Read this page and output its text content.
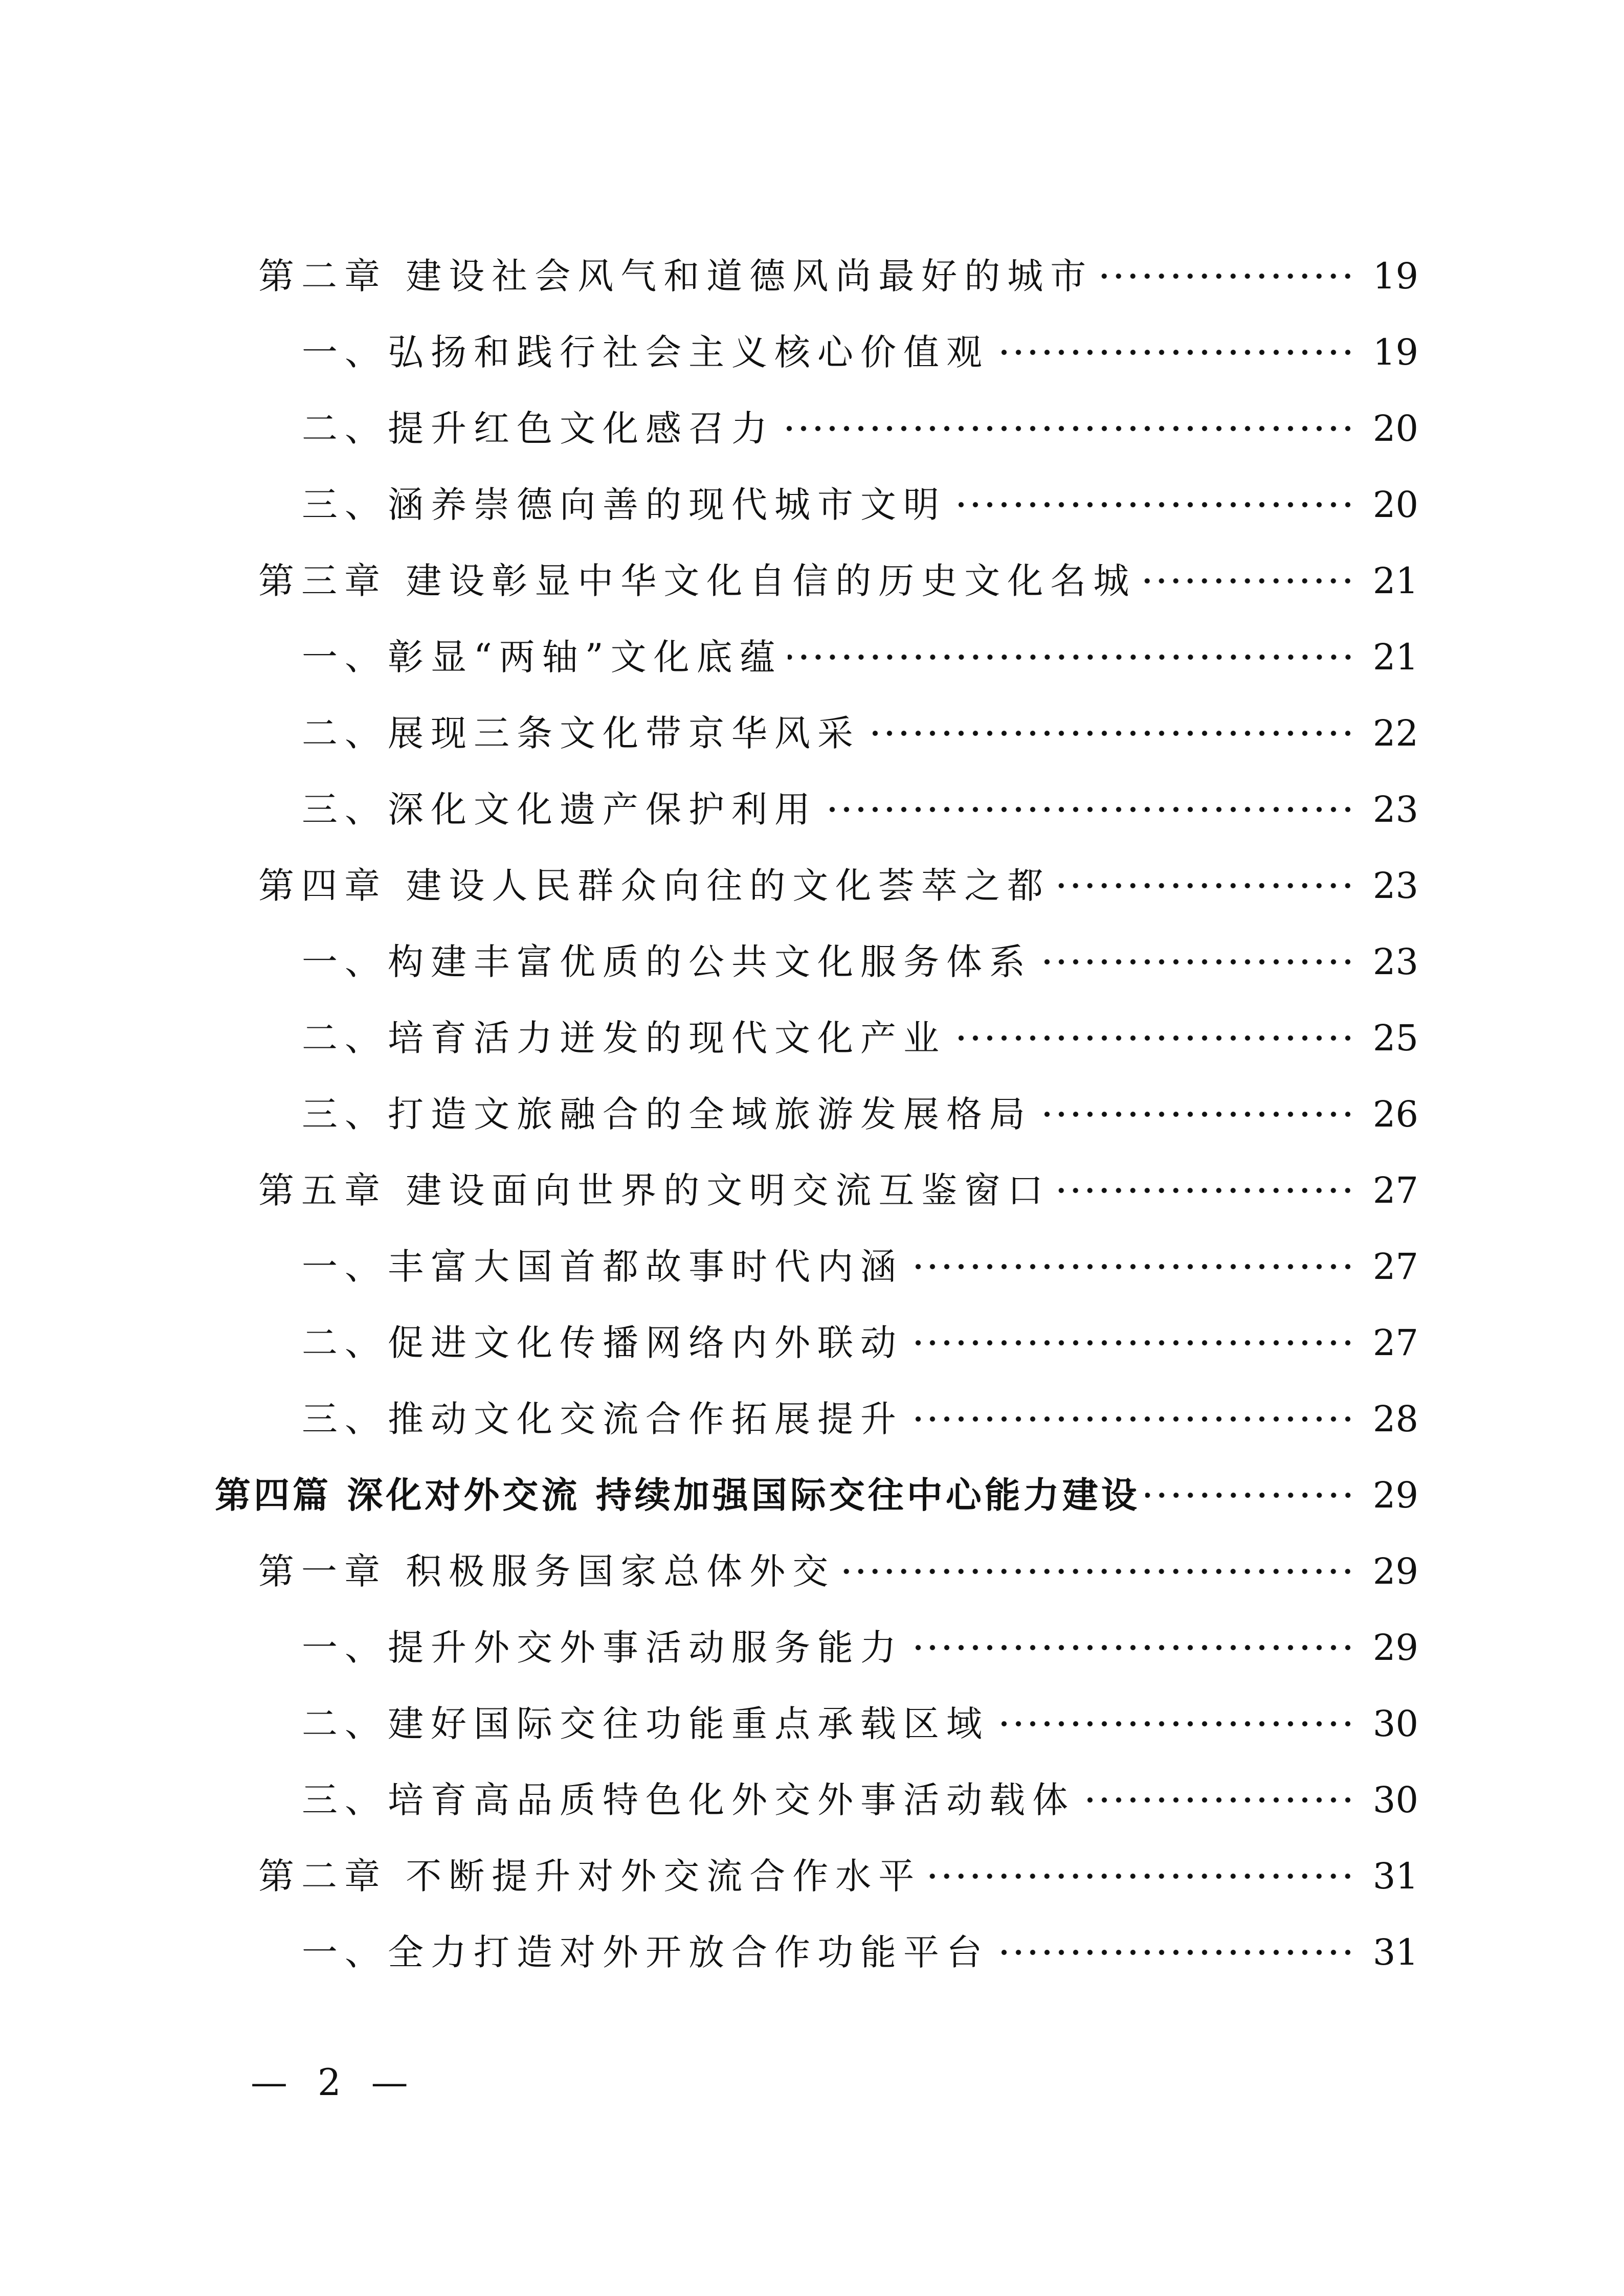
第二章 建设社会风气和道德风尚最好的城市	19
一、弘扬和践行社会主义核心价值观	19
二、提升红色文化感召力	20
三、涵养崇德向善的现代城市文明	20
第三章 建设彰显中华文化自信的历史文化名城	21
一、彰显“两轴”文化底蕴	21
二、展现三条文化带京华风采	22
三、深化文化遗产保护利用	23
第四章 建设人民群众向往的文化荟萃之都	23
一、构建丰富优质的公共文化服务体系	23
二、培育活力迸发的现代文化产业	25
三、打造文旅融合的全域旅游发展格局	26
第五章 建设面向世界的文明交流互鉴窗口	27
一、丰富大国首都故事时代内涵	27
二、促进文化传播网络内外联动	27
三、推动文化交流合作拓展提升	28
第四篇 深化对外交流 持续加强国际交往中心能力建设	29
第一章 积极服务国家总体外交	29
一、提升外交外事活动服务能力	29
二、建好国际交往功能重点承载区域	30
三、培育高品质特色化外交外事活动载体	30
第二章 不断提升对外交流合作水平	31
一、全力打造对外开放合作功能平台	31
— 2 —
